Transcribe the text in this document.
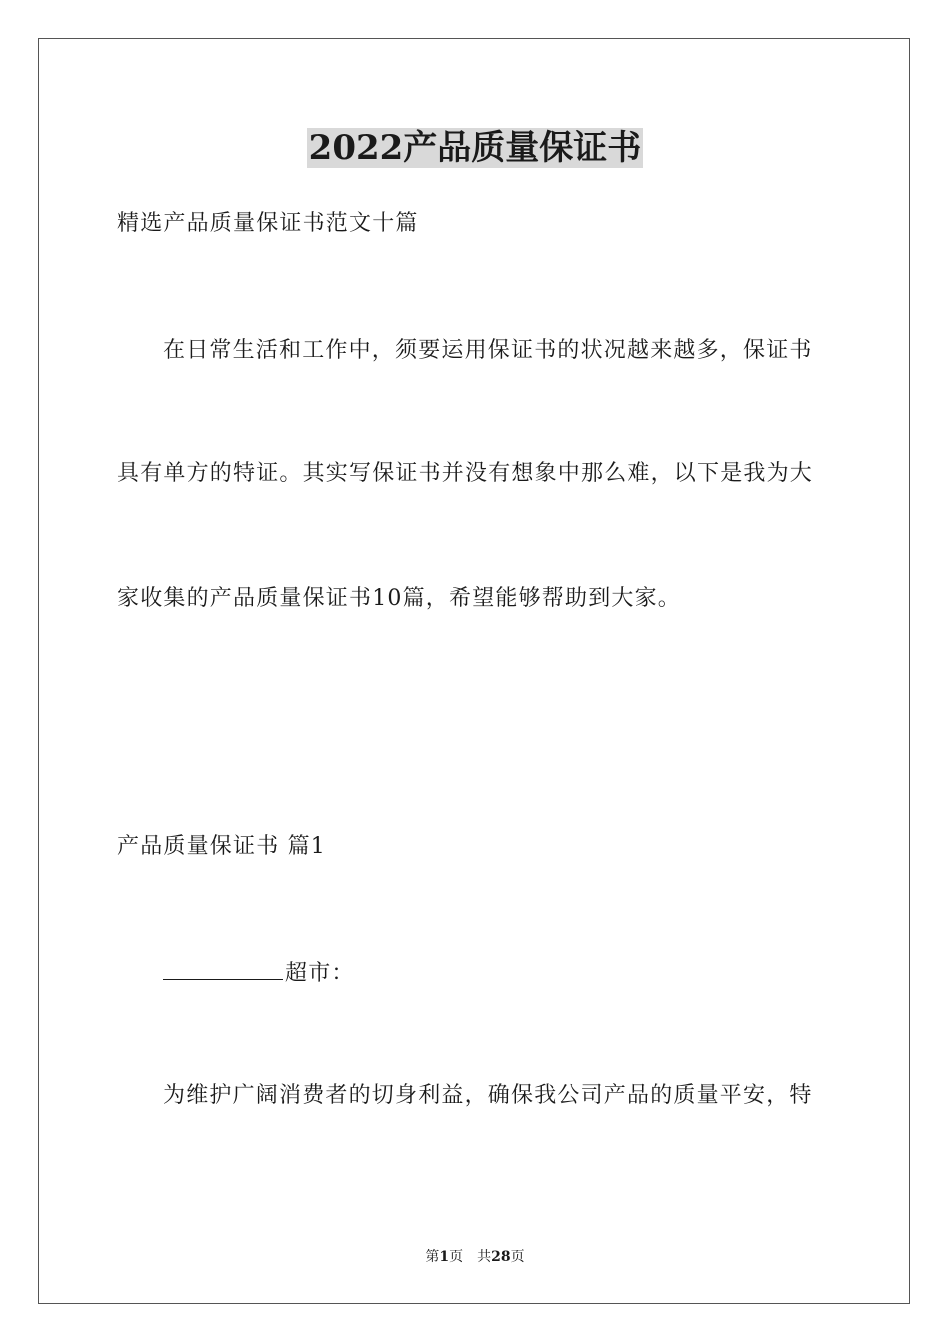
2022产品质量保证书
精选产品质量保证书范文十篇
在日常生活和工作中，须要运用保证书的状况越来越多，保证书
具有单方的特证。其实写保证书并没有想象中那么难，以下是我为大
家收集的产品质量保证书10篇，希望能够帮助到大家。
产品质量保证书 篇1
超市：
为维护广阔消费者的切身利益，确保我公司产品的质量平安，特
第1页 共28页
